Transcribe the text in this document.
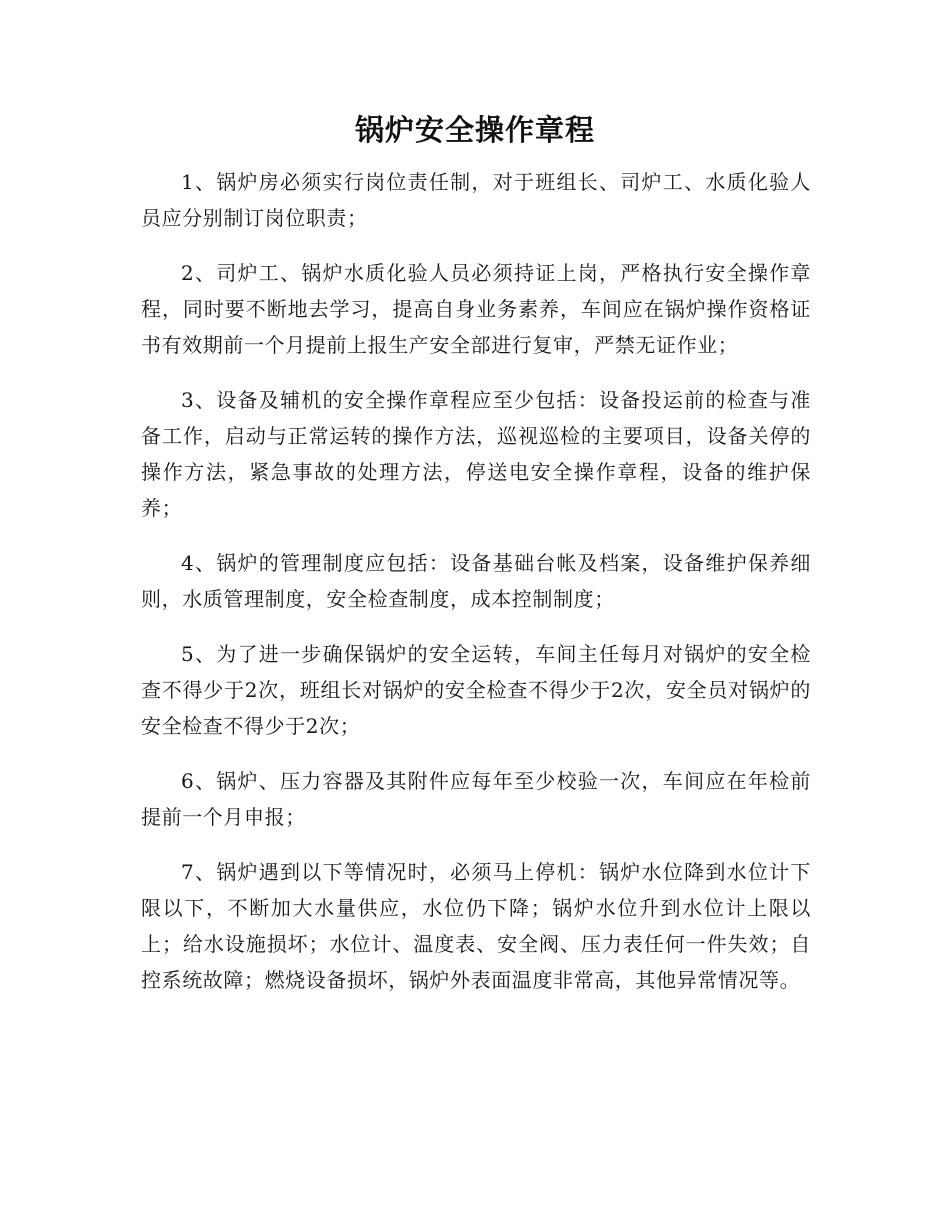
锅炉安全操作章程

1、锅炉房必须实行岗位责任制，对于班组长、司炉工、水质化验人员应分别制订岗位职责；

2、司炉工、锅炉水质化验人员必须持证上岗，严格执行安全操作章程，同时要不断地去学习，提高自身业务素养，车间应在锅炉操作资格证书有效期前一个月提前上报生产安全部进行复审，严禁无证作业；

3、设备及辅机的安全操作章程应至少包括：设备投运前的检查与准备工作，启动与正常运转的操作方法，巡视巡检的主要项目，设备关停的操作方法，紧急事故的处理方法，停送电安全操作章程，设备的维护保养；

4、锅炉的管理制度应包括：设备基础台帐及档案，设备维护保养细则，水质管理制度，安全检查制度，成本控制制度；

5、为了进一步确保锅炉的安全运转，车间主任每月对锅炉的安全检查不得少于2次，班组长对锅炉的安全检查不得少于2次，安全员对锅炉的安全检查不得少于2次；

6、锅炉、压力容器及其附件应每年至少校验一次，车间应在年检前提前一个月申报；

7、锅炉遇到以下等情况时，必须马上停机：锅炉水位降到水位计下限以下，不断加大水量供应，水位仍下降；锅炉水位升到水位计上限以上；给水设施损坏；水位计、温度表、安全阀、压力表任何一件失效；自控系统故障；燃烧设备损坏，锅炉外表面温度非常高，其他异常情况等。
